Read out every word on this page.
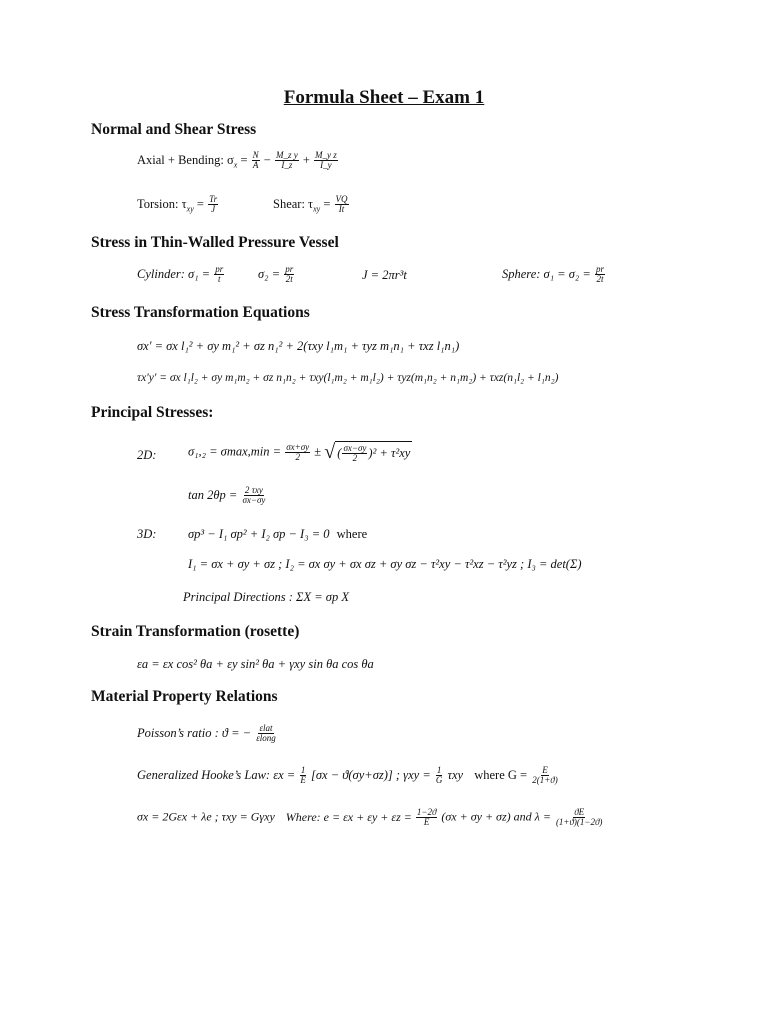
Formula Sheet – Exam 1
Normal and Shear Stress
Axial + Bending: $\sigma_x = \frac{N}{A} - \frac{\text{M\_z y}}{I\_z} + \frac{\text{M\_y z}}{I\_y}$
Torsion: $\tau_{xy} = \frac{Tr}{J}$	Shear: $\tau_{xy} = \frac{VQ}{It}$
Stress in Thin-Walled Pressure Vessel
Cylinder: $\sigma_1 = \frac{pr}{t}$	$\sigma_2 = \frac{pr}{2t}$	J = 2πr³t	Sphere: $\sigma_1 = \sigma_2 = \frac{pr}{2t}$
Stress Transformation Equations
σx′ = σx l₁² + σy m₁² + σz n₁² + 2(τxy l₁m₁ + τyz m₁n₁ + τxz l₁n₁)
τx′y′ = σx l₁l₂ + σy m₁m₂ + σz n₁n₂ + τxy(l₁m₂ + m₁l₂) + τyz(m₁n₂ + n₁m₂) + τxz(n₁l₂ + l₁n₂)
Principal Stresses:
2D:	$\sigma_1,_2 = \sigma\max,\min = \frac{\sigma x+\sigma y}{2}$ ± √ ( $\frac{\sigma x-\sigma y}{2} )^2 + \tau^2xy$
$\tan 2\theta p = \frac{\text{2 τxy}}{\sigma x-\sigma y}$
3D:	σp³ − I₁ σp² + I₂ σp − I₃ = 0 where
I₁ = σx + σy + σz ; I₂ = σx σy + σx σz + σy σz − τ²xy − τ²xz − τ²yz ; I₃ = det(Σ)
Principal Directions : ΣX = σp X
Strain Transformation (rosette)
εa = εx cos² θa + εy sin² θa + γxy sin θa cos θa
Material Property Relations
Poisson’s ratio : ϑ = − $\frac{\text{εlat}}{\text{εlong}}$
Generalized Hooke’s Law: $\varepsilon x = \frac{1}{E} [\sigma x - ϑ(\sigma y+\sigma z)]$ ; $\gamma xy = \frac{1}{G}$ τxy where $G = \frac{E}{2(1+ϑ)}$
σx = 2Gεx + λe ; τxy = Gγxy Where: $e = \varepsilon x + \varepsilon y + \varepsilon z = \frac{1-2ϑ}{E} (\sigma x + \sigma y + \sigma z)$ and $\lambda = \frac{ϑE}{(1+ϑ)(1-2ϑ)}$
